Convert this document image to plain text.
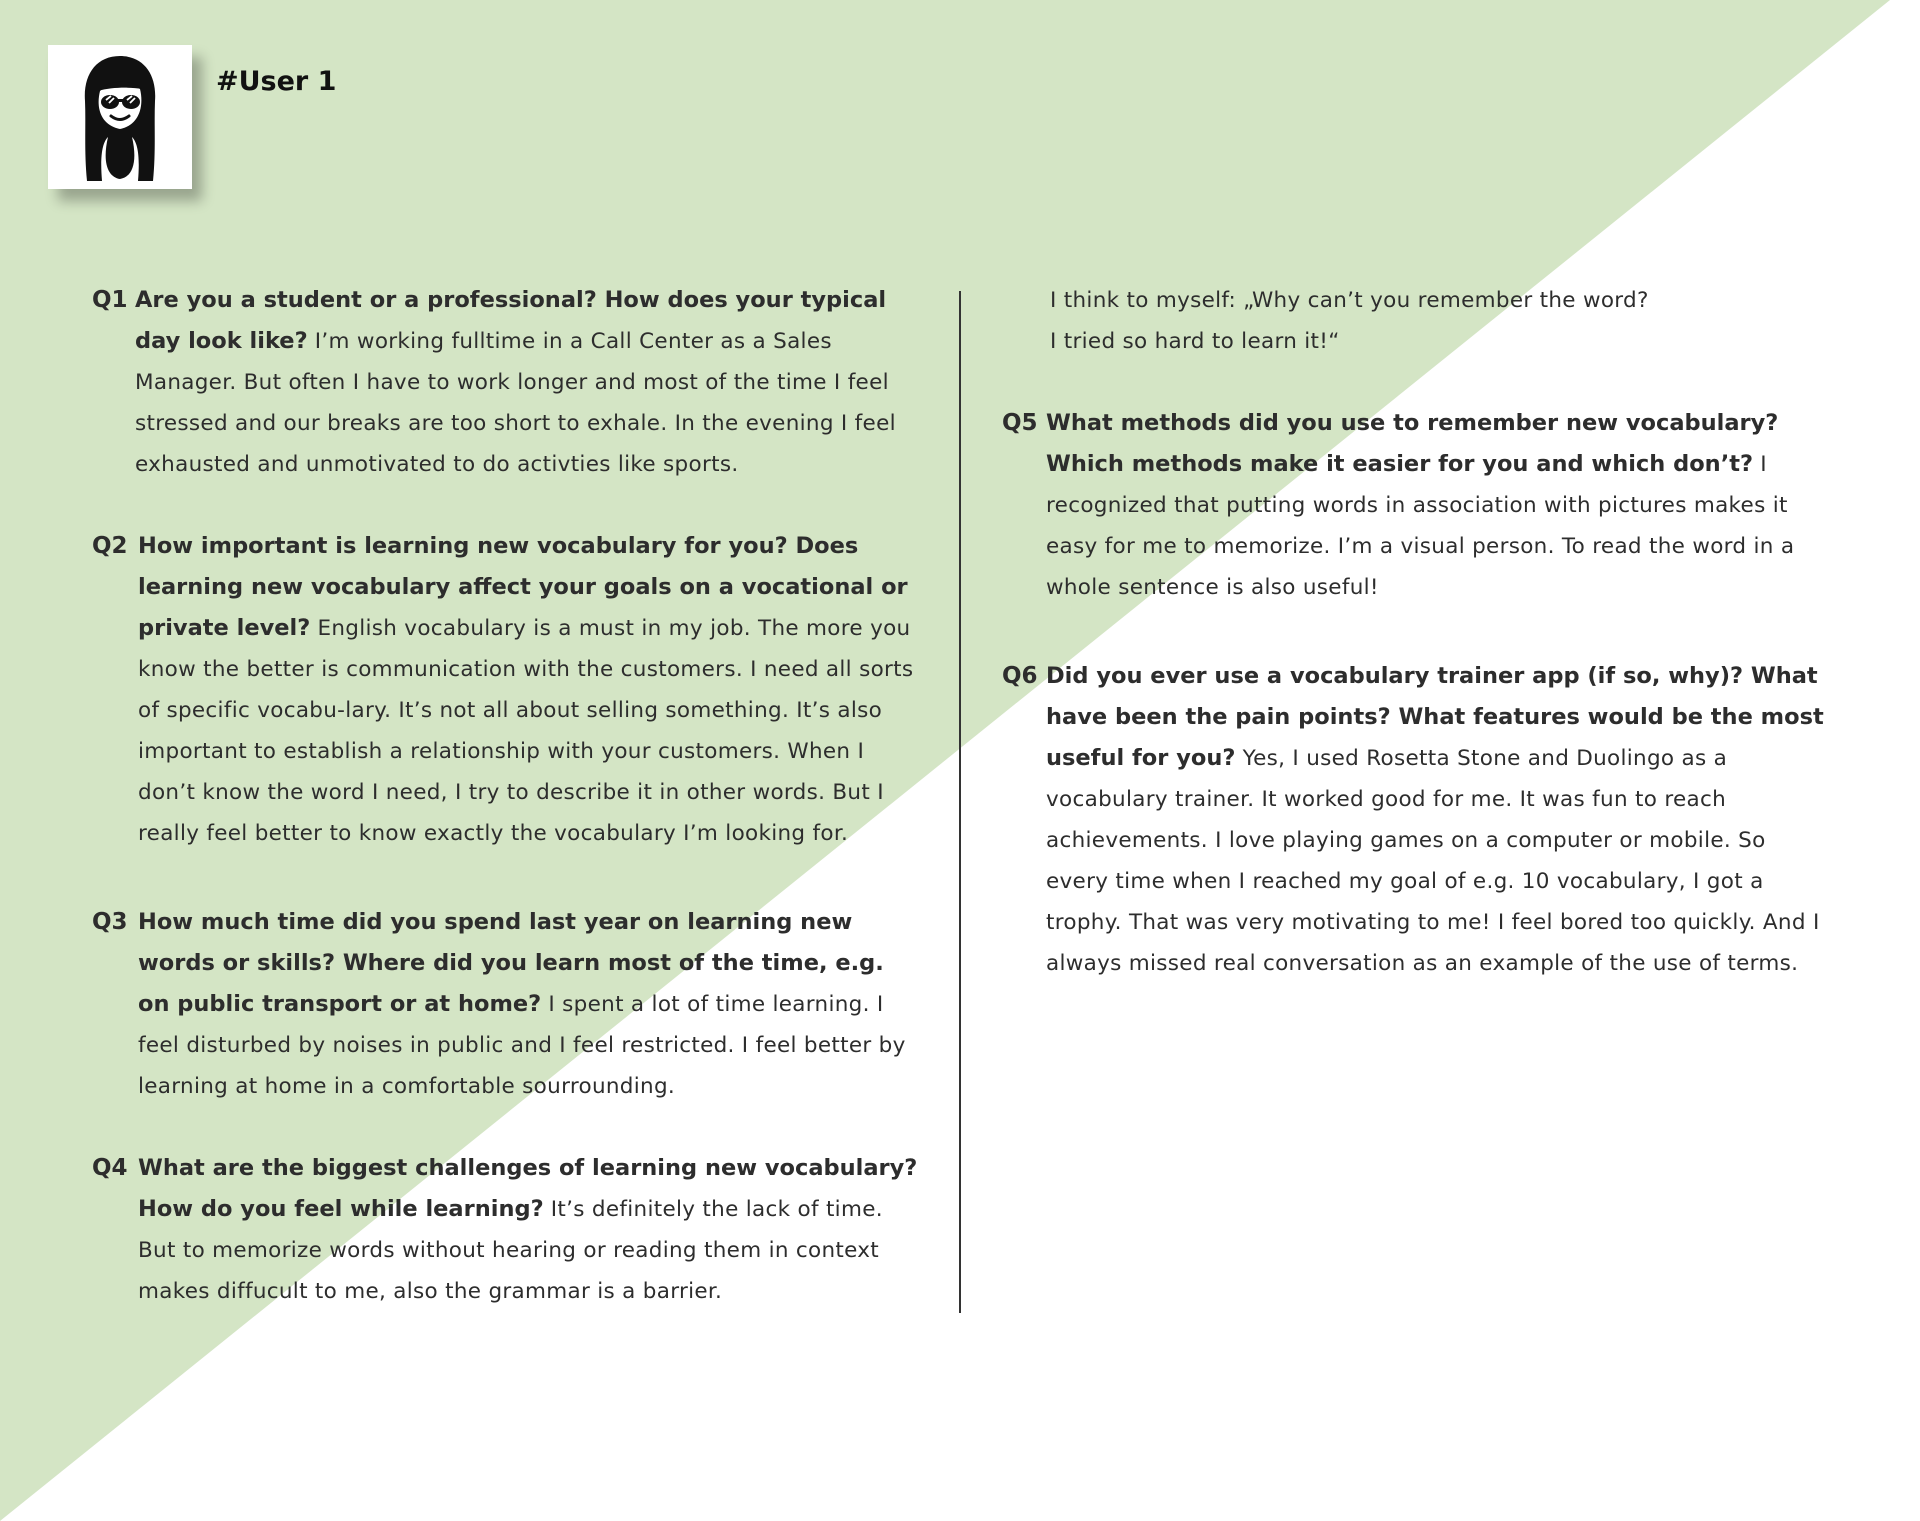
#User 1
Q1 Are you a student or a professional? How does your typical day look like? I’m working fulltime in a Call Center as a Sales Manager. But often I have to work longer and most of the time I feel stressed and our breaks are too short to exhale. In the evening I feel exhausted and unmotivated to do activties like sports.

Q2 How important is learning new vocabulary for you? Does learning new vocabulary affect your goals on a vocational or private level? English vocabulary is a must in my job. The more you know the better is communication with the customers. I need all sorts of specific vocabu-lary. It’s not all about selling something. It’s also important to establish a relationship with your customers. When I don’t know the word I need, I try to describe it in other words. But I really feel better to know exactly the vocabulary I’m looking for.

Q3 How much time did you spend last year on learning new words or skills? Where did you learn most of the time, e.g. on public transport or at home? I spent a lot of time learning. I feel disturbed by noises in public and I feel restricted. I feel better by learning at home in a comfortable sourrounding.

Q4 What are the biggest challenges of learning new vocabulary? How do you feel while learning? It’s definitely the lack of time. But to memorize words without hearing or reading them in context makes diffucult to me, also the grammar is a barrier.

I think to myself: „Why can’t you remember the word?

I tried so hard to learn it!“

Q5 What methods did you use to remember new vocabulary? Which methods make it easier for you and which don’t? I recognized that putting words in association with pictures makes it easy for me to memorize. I’m a visual person. To read the word in a whole sentence is also useful!

Q6 Did you ever use a vocabulary trainer app (if so, why)? What have been the pain points? What features would be the most useful for you? Yes, I used Rosetta Stone and Duolingo as a vocabulary trainer. It worked good for me. It was fun to reach achievements. I love playing games on a computer or mobile. So every time when I reached my goal of e.g. 10 vocabulary, I got a trophy. That was very motivating to me! I feel bored too quickly. And I always missed real conversation as an example of the use of terms.
